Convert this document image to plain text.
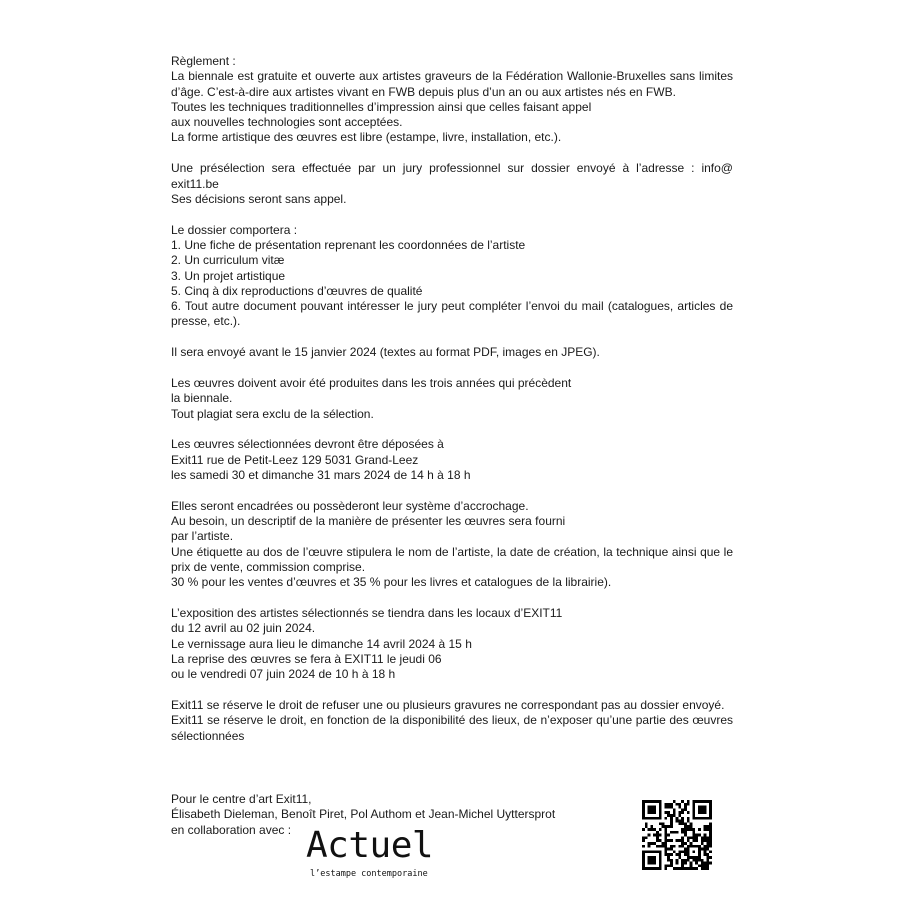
Règlement :
La biennale est gratuite et ouverte aux artistes graveurs de la Fédération Wallonie-Bruxelles sans limites d’âge. C’est-à-dire aux artistes vivant en FWB depuis plus d’un an ou aux artistes nés en FWB.
Toutes les techniques traditionnelles d’impression ainsi que celles faisant appel
aux nouvelles technologies sont acceptées.
La forme artistique des œuvres est libre (estampe, livre, installation, etc.).
Une présélection sera effectuée par un jury professionnel sur dossier envoyé à l’adresse : info@ exit11.be
Ses décisions seront sans appel.
Le dossier comportera :
1. Une fiche de présentation reprenant les coordonnées de l’artiste
2. Un curriculum vitæ
3. Un projet artistique
5. Cinq à dix reproductions d’œuvres de qualité
6. Tout autre document pouvant intéresser le jury peut compléter l’envoi du mail (catalogues, articles de presse, etc.).
Il sera envoyé avant le 15 janvier 2024 (textes au format PDF, images en JPEG).
Les œuvres doivent avoir été produites dans les trois années qui précèdent
la biennale.
Tout plagiat sera exclu de la sélection.
Les œuvres sélectionnées devront être déposées à
Exit11 rue de Petit-Leez 129 5031 Grand-Leez
les samedi 30 et dimanche 31 mars 2024 de 14 h à 18 h
Elles seront encadrées ou possèderont leur système d’accrochage.
Au besoin, un descriptif de la manière de présenter les œuvres sera fourni
par l’artiste.
Une étiquette au dos de l’œuvre stipulera le nom de l’artiste, la date de création, la technique ainsi que le prix de vente, commission comprise.
30 % pour les ventes d’œuvres et 35 % pour les livres et catalogues de la librairie).
L’exposition des artistes sélectionnés se tiendra dans les locaux d’EXIT11
du 12 avril au 02 juin 2024.
Le vernissage aura lieu le dimanche 14 avril 2024 à 15 h
La reprise des œuvres se fera à EXIT11 le jeudi 06
ou le vendredi 07 juin 2024 de 10 h à 18 h
Exit11 se réserve le droit de refuser une ou plusieurs gravures ne correspondant pas au dossier envoyé.
Exit11 se réserve le droit, en fonction de la disponibilité des lieux, de n’exposer qu’une partie des œuvres sélectionnées
Pour le centre d’art Exit11,
Élisabeth Dieleman, Benoît Piret, Pol Authom et Jean-Michel Uyttersprot
en collaboration avec : Actuel
l’estampe contemporaine
